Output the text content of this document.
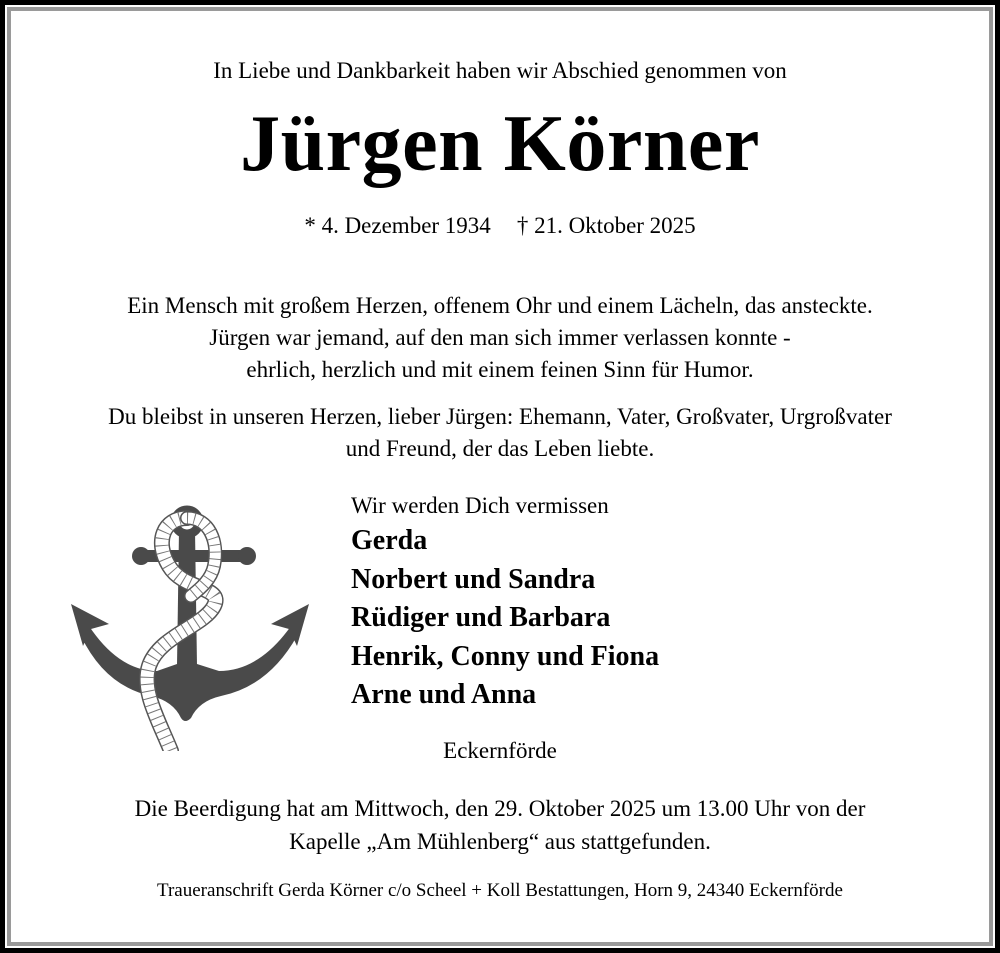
In Liebe und Dankbarkeit haben wir Abschied genommen von
Jürgen Körner
* 4. Dezember 1934 † 21. Oktober 2025
Ein Mensch mit großem Herzen, offenem Ohr und einem Lächeln, das ansteckte.
Jürgen war jemand, auf den man sich immer verlassen konnte -
ehrlich, herzlich und mit einem feinen Sinn für Humor.
Du bleibst in unseren Herzen, lieber Jürgen: Ehemann, Vater, Großvater, Urgroßvater
und Freund, der das Leben liebte.
Wir werden Dich vermissen
Gerda
Norbert und Sandra
Rüdiger und Barbara
Henrik, Conny und Fiona
Arne und Anna
Eckernförde
Die Beerdigung hat am Mittwoch, den 29. Oktober 2025 um 13.00 Uhr von der
Kapelle „Am Mühlenberg“ aus stattgefunden.
Traueranschrift Gerda Körner c/o Scheel + Koll Bestattungen, Horn 9, 24340 Eckernförde
